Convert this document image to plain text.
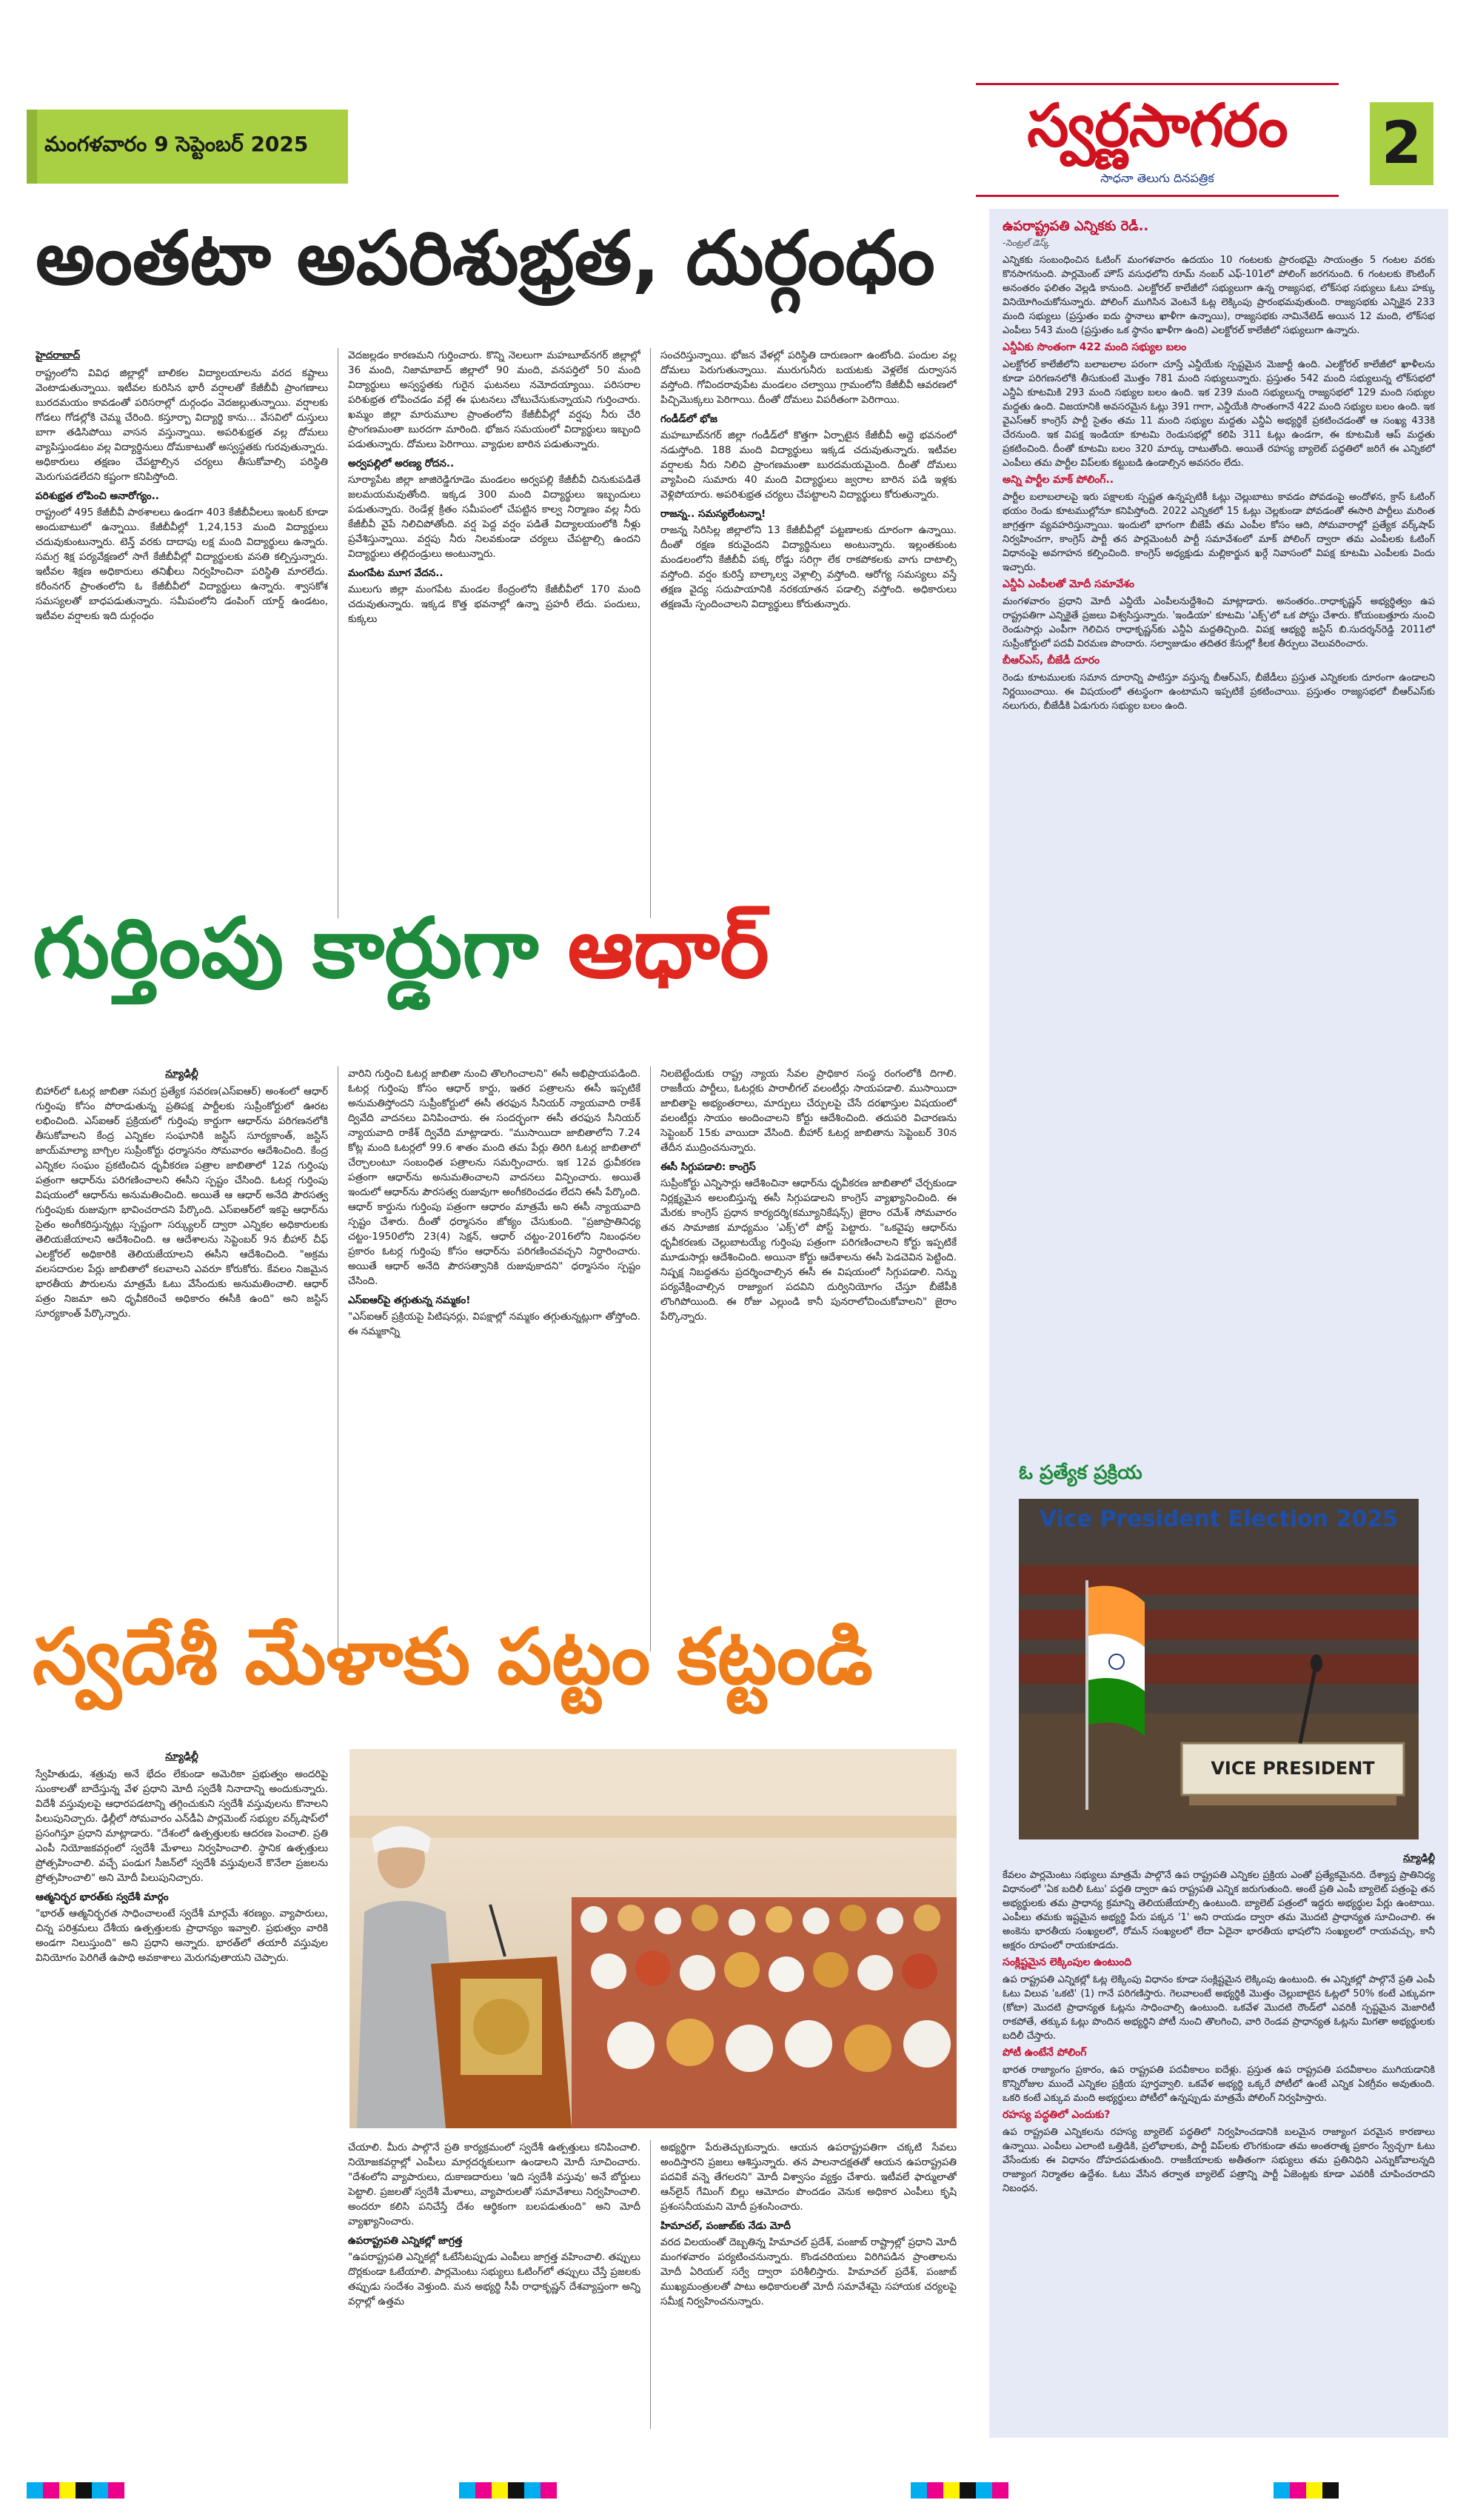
మంగళవారం 9 సెప్టెంబర్ 2025	స్వర్ణసాగరం
సాధనా తెలుగు దినపత్రిక
2
అంతటా అపరిశుభ్రత, దుర్గంధం

హైదరాబాద్

రాష్ట్రంలోని వివిధ జిల్లాల్లో బాలికల విద్యాలయాలను వరద కష్టాలు వెంటాడుతున్నాయి. ఇటీవల కురిసిన భారీ వర్షాలతో కేజీబీవీ ప్రాంగణాలు బురదమయం కావడంతో పరిసరాల్లో దుర్గంధం వెదజల్లుతున్నాయి. వర్షాలకు గోడలు గోడల్లోకి చెమ్మ చేరింది. కస్తూర్బా విద్యార్థి కాను... వేసవిలో దుస్తులు బాగా తడిసిపోయి వాసన వస్తున్నాయి. అపరిశుభ్రత వల్ల దోమలు వ్యాపిస్తుండటం వల్ల విద్యార్థినులు దోమకాటుతో అస్వస్థతకు గురవుతున్నారు. అధికారులు తక్షణం చేపట్టాల్సిన చర్యలు తీసుకోవాల్సి పరిస్థితి మెరుగుపడలేదని కష్టంగా కనిపిస్తోంది.

పరిశుభ్రత లోపించి అనారోగ్యం..

రాష్ట్రంలో 495 కేజీబీవీ పాఠశాలలు ఉండగా 403 కేజీబీవీలలు ఇంటర్ కూడా అందుబాటులో ఉన్నాయి. కేజీబీవీల్లో 1,24,153 మంది విద్యార్థులు చదువుకుంటున్నారు. టెన్త్ వరకు దాదాపు లక్ష మంది విద్యార్థులు ఉన్నారు. సమగ్ర శిక్ష పర్యవేక్షణలో సాగే కేజీబీవీల్లో విద్యార్థులకు వసతి కల్పిస్తున్నారు. ఇటీవల శిక్షణ అధికారులు తనిఖీలు నిర్వహించినా పరిస్థితి మారలేదు. కరీంనగర్ ప్రాంతంలోని ఓ కేజీబీవీలో విద్యార్థులు ఉన్నారు. శ్వాసకోశ సమస్యలతో బాధపడుతున్నారు. సమీపంలోని డంపింగ్ యార్డ్ ఉండటం, ఇటీవల వర్షాలకు ఇది దుర్గంధం

వెదజల్లడం కారణమని గుర్తించారు. కొన్ని నెలలుగా మహబూబ్‌నగర్ జిల్లాల్లో 36 మంది, నిజామాబాద్ జిల్లాలో 90 మంది, వనపర్తిలో 50 మంది విద్యార్థులు అస్వస్థతకు గురైన ఘటనలు నమోదయ్యాయి. పరిసరాల పరిశుభ్రత లోపించడం వల్లే ఈ ఘటనలు చోటుచేసుకున్నాయని గుర్తించారు. ఖమ్మం జిల్లా మారుమూల ప్రాంతంలోని కేజీబీవీల్లో వర్షపు నీరు చేరి ప్రాంగణమంతా బురదగా మారింది. భోజన సమయంలో విద్యార్థులు ఇబ్బంది పడుతున్నారు. దోమలు పెరిగాయి. వ్యాధుల బారిన పడుతున్నారు.

అర్వపల్లిలో అరణ్య రోదన..

సూర్యాపేట జిల్లా జాజిరెడ్డిగూడెం మండలం అర్వపల్లి కేజీబీవీ చినుకుపడితే జలమయమవుతోంది. ఇక్కడ 300 మంది విద్యార్థులు ఇబ్బందులు పడుతున్నారు. రెండేళ్ల క్రితం సమీపంలో చేపట్టిన కాల్వ నిర్మాణం వల్ల నీరు కేజీబీవీ వైపే నిలిచిపోతోంది. వర్ష పెద్ద వర్షం పడితే విద్యాలయంలోకి నీళ్లు ప్రవేశిస్తున్నాయి. వర్షపు నీరు నిలవకుండా చర్యలు చేపట్టాల్సి ఉందని విద్యార్థులు తల్లిదండ్రులు అంటున్నారు.

మంగపేట మూగ వేదన..

ములుగు జిల్లా మంగపేట మండల కేంద్రంలోని కేజీబీవీలో 170 మంది చదువుతున్నారు. ఇక్కడ కొత్త భవనాల్లో ఉన్నా ప్రహరీ లేదు. పందులు, కుక్కలు

సంచరిస్తున్నాయి. భోజన వేళల్లో పరిస్థితి దారుణంగా ఉంటోంది. పందుల వల్ల దోమలు పెరుగుతున్నాయి. మురుగునీరు బయటకు వెళ్లలేక దుర్వాసన వస్తోంది. గోవిందరావుపేట మండలం చల్వాయి గ్రామంలోని కేజీబీవీ ఆవరణలో పిచ్చిమొక్కలు పెరిగాయి. దీంతో దోమలు విపరీతంగా పెరిగాయి.

గండీడ్‌లో భోజ

మహబూబ్‌నగర్ జిల్లా గండీడ్‌లో కొత్తగా ఏర్పాటైన కేజీబీవీ అద్దె భవనంలో నడుస్తోంది. 188 మంది విద్యార్థులు ఇక్కడ చదువుతున్నారు. ఇటీవల వర్షాలకు నీరు నిలిచి ప్రాంగణమంతా బురదమయమైంది. దీంతో దోమలు వ్యాపించి సుమారు 40 మంది విద్యార్థులు జ్వరాల బారిన పడి ఇళ్లకు వెళ్లిపోయారు. అపరిశుభ్రత చర్యలు చేపట్టాలని విద్యార్థులు కోరుతున్నారు.

రాజన్న.. సమస్యలేంటన్నా!

రాజన్న సిరిసిల్ల జిల్లాలోని 13 కేజీబీవీల్లో పట్టణాలకు దూరంగా ఉన్నాయి. దీంతో రక్షణ కరువైందని విద్యార్థినులు అంటున్నారు. ఇల్లంతకుంట మండలంలోని కేజీబీవీ పక్క రోడ్డు సరిగ్గా లేక రాకపోకలకు వాగు దాటాల్సి వస్తోంది. వర్షం కురిస్తే బాల్కాల్వ వెళ్లాల్సి వస్తోంది. ఆరోగ్య సమస్యలు వస్తే తక్షణ వైద్య సదుపాయానికి నరకయాతన పడాల్సి వస్తోంది. అధికారులు తక్షణమే స్పందించాలని విద్యార్థులు కోరుతున్నారు.

గుర్తింపు కార్డుగా ఆధార్

న్యూఢిల్లీ

బిహార్‌లో ఓటర్ల జాబితా సమగ్ర ప్రత్యేక సవరణ(ఎస్‌ఐఆర్) అంశంలో ఆధార్ గుర్తింపు కోసం పోరాడుతున్న ప్రతిపక్ష పార్టీలకు సుప్రీంకోర్టులో ఊరట లభించింది. ఎస్‌ఐఆర్ ప్రక్రియలో గుర్తింపు కార్డుగా ఆధార్‌ను పరిగణనలోకి తీసుకోవాలని కేంద్ర ఎన్నికల సంఘానికి జస్టిస్ సూర్యకాంత్, జస్టిస్ జాయ్‌మాల్యా బాగ్చిల సుప్రీంకోర్టు ధర్మాసనం సోమవారం ఆదేశించింది. కేంద్ర ఎన్నికల సంఘం ప్రకటించిన ధృవీకరణ పత్రాల జాబితాలో 12వ గుర్తింపు పత్రంగా ఆధార్‌ను పరిగణించాలని ఈసీని స్పష్టం చేసింది. ఓటర్ల గుర్తింపు విషయంలో ఆధార్‌ను అనుమతించింది. అయితే ఆ ఆధార్ అనేది పౌరసత్వ గుర్తింపుకు రుజువుగా భావించరాదని పేర్కొంది. ఎస్‌ఐఆర్‌లో ఇకపై ఆధార్‌ను సైతం అంగీకరిస్తున్నట్లు స్పష్టంగా సర్క్యులర్ ద్వారా ఎన్నికల అధికారులకు తెలియజేయాలని ఆదేశించింది. ఆ ఆదేశాలను సెప్టెంబర్ 9న బీహార్ చీఫ్ ఎలక్టోరల్ అధికారికి తెలియజేయాలని ఈసీని ఆదేశించింది. "అక్రమ వలసదారుల పేర్లు జాబితాలో కలవాలని ఎవరూ కోరుకోరు. కేవలం నిజమైన భారతీయ పౌరులను మాత్రమే ఓటు వేసేందుకు అనుమతించాలి. ఆధార్ పత్రం నిజమా అని ధృవీకరించే అధికారం ఈసీకి ఉంది" అని జస్టిస్ సూర్యకాంత్ పేర్కొన్నారు.

వారిని గుర్తించి ఓటర్ల జాబితా నుంచి తొలగించాలని" ఈసీ అభిప్రాయపడింది. ఓటర్ల గుర్తింపు కోసం ఆధార్ కార్డు, ఇతర పత్రాలను ఈసీ ఇప్పటికే అనుమతిస్తోందని సుప్రీంకోర్టులో ఈసీ తరఫున సీనియర్ న్యాయవాది రాకేశ్ ద్వివేది వాదనలు వినిపించారు. ఈ సందర్భంగా ఈసీ తరఫున సీనియర్ న్యాయవాది రాకేశ్ ద్వివేది మాట్లాడారు. "ముసాయిదా జాబితాలోని 7.24 కోట్ల మంది ఓటర్లలో 99.6 శాతం మంది తమ పేర్లు తిరిగి ఓటర్ల జాబితాలో చేర్చాలంటూ సంబంధిత పత్రాలను సమర్పించారు. ఇక 12వ ధ్రువీకరణ పత్రంగా ఆధార్‌ను అనుమతించాలని వాదనలు విన్పించారు. అయితే ఇందులో ఆధార్‌ను పౌరసత్వ రుజువుగా అంగీకరించడం లేదని ఈసీ పేర్కొంది. ఆధార్ కార్డును గుర్తింపు పత్రంగా ఆధారం మాత్రమే అని ఈసీ న్యాయవాది స్పష్టం చేశారు. దీంతో ధర్మాసనం జోక్యం చేసుకుంది. "ప్రజాప్రాతినిధ్య చట్టం-1950లోని 23(4) సెక్షన్, ఆధార్ చట్టం-2016లోని నిబంధనల ప్రకారం ఓటర్ల గుర్తింపు కోసం ఆధార్‌ను పరిగణించవచ్చని నిర్ధారించారు. అయితే ఆధార్ అనేది పౌరసత్వానికి రుజువుకాదని" ధర్మాసనం స్పష్టం చేసింది.

ఎస్‌ఐఆర్‌పై తగ్గుతున్న నమ్మకం!

"ఎస్‌ఐఆర్ ప్రక్రియపై పిటిషనర్లు, విపక్షాల్లో నమ్మకం తగ్గుతున్నట్లుగా తోస్తోంది. ఈ నమ్మకాన్ని

నిలబెట్టేందుకు రాష్ట్ర న్యాయ సేవల ప్రాధికార సంస్థ రంగంలోకి దిగాలి. రాజకీయ పార్టీలు, ఓటర్లకు పారాలీగల్ వలంటీర్లు సాయపడాలి. ముసాయిదా జాబితాపై అభ్యంతరాలు, మార్పులు చేర్పులపై చేసే దరఖాస్తుల విషయంలో వలంటీర్లు సాయం అందించాలని కోర్టు ఆదేశించింది. తదుపరి విచారణను సెప్టెంబర్ 15కు వాయిదా వేసింది. బీహార్ ఓటర్ల జాబితాను సెప్టెంబర్ 30న తేదీన ముద్రించనున్నారు.

ఈసీ సిగ్గుపడాలి: కాంగ్రెస్

సుప్రీంకోర్టు ఎన్నిసార్లు ఆదేశించినా ఆధార్‌ను ధృవీకరణ జాబితాలో చేర్చకుండా నిర్లక్ష్యమైన అలంబిస్తున్న ఈసీ సిగ్గుపడాలని కాంగ్రెస్ వ్యాఖ్యానించింది. ఈ మేరకు కాంగ్రెస్ ప్రధాన కార్యదర్శి(కమ్యూనికేషన్స్) జైరాం రమేశ్ సోమవారం తన సామాజిక మాధ్యమం 'ఎక్స్‌'లో పోస్ట్ పెట్టారు. "ఒకవైపు ఆధార్‌ను ధృవీకరణకు చెల్లుబాటయ్యే గుర్తింపు పత్రంగా పరిగణించాలని కోర్టు ఇప్పటికే మూడుసార్లు ఆదేశించింది. అయినా కోర్టు ఆదేశాలను ఈసీ పెడచెవిన పెట్టింది. నిష్పక్ష నిబద్ధతను ప్రదర్శించాల్సిన ఈసీ ఈ విషయంలో సిగ్గుపడాలి. నిన్ను పర్యవేక్షించాల్సిన రాజ్యాంగ పదవిని దుర్వినియోగం చేస్తూ బీజేపీకి లొంగిపోయింది. ఈ రోజు ఎల్లుండి కానీ పునరాలోచించుకోవాలని" జైరాం పేర్కొన్నారు.

స్వదేశీ మేళాకు పట్టం కట్టండి

న్యూఢిల్లీ

స్వేహితుడు, శత్రువు అనే భేదం లేకుండా అమెరికా ప్రభుత్వం అందరిపై సుంకాలతో బాదేస్తున్న వేళ ప్రధాని మోదీ స్వదేశీ నినాదాన్ని అందుకున్నారు. విదేశీ వస్తువులపై ఆధారపడటాన్ని తగ్గించుకుని స్వదేశీ వస్తువులను కొనాలని పిలుపునిచ్చారు. ఢిల్లీలో సోమవారం ఎన్‌డీఏ పార్లమెంట్ సభ్యుల వర్క్‌షాప్‌లో ప్రసంగిస్తూ ప్రధాని మాట్లాడారు. "దేశంలో ఉత్పత్తులకు ఆదరణ పెంచాలి. ప్రతి ఎంపీ నియోజకవర్గంలో స్వదేశీ మేళాలు నిర్వహించాలి. స్థానిక ఉత్పత్తులు ప్రోత్సహించాలి. వచ్చే పండుగ సీజన్‌లో స్వదేశీ వస్తువులనే కొనేలా ప్రజలను ప్రోత్సహించాలి" అని మోదీ పిలుపునిచ్చారు.

ఆత్మనిర్భర భారత్‌కు స్వదేశీ మార్గం

"భారత్ ఆత్మనిర్భరత సాధించాలంటే స్వదేశీ మార్గమే శరణ్యం. వ్యాపారులు, చిన్న పరిశ్రమలు దేశీయ ఉత్పత్తులకు ప్రాధాన్యం ఇవ్వాలి. ప్రభుత్వం వారికి అండగా నిలుస్తుంది" అని ప్రధాని అన్నారు. భారత్‌లో తయారీ వస్తువుల వినియోగం పెరిగితే ఉపాధి అవకాశాలు మెరుగవుతాయని చెప్పారు.

చేయాలి. మీరు పాల్గొనే ప్రతి కార్యక్రమంలో స్వదేశీ ఉత్పత్తులు కనిపించాలి. నియోజకవర్గాల్లో ఎంపీలు మార్గదర్శకులుగా ఉండాలని మోదీ సూచించారు. "దేశంలోని వ్యాపారులు, దుకాణదారులు 'ఇది స్వదేశీ వస్తువు' అనే బోర్డులు పెట్టాలి. ప్రజలతో స్వదేశీ మేళాలు, వ్యాపారులతో సమావేశాలు నిర్వహించాలి. అందరూ కలిసి పనిచేస్తే దేశం ఆర్థికంగా బలపడుతుంది" అని మోదీ వ్యాఖ్యానించారు.

ఉపరాష్ట్రపతి ఎన్నికల్లో జాగ్రత్త

"ఉపరాష్ట్రపతి ఎన్నికల్లో ఓటేసేటప్పుడు ఎంపీలు జాగ్రత్త వహించాలి. తప్పులు దొర్లకుండా ఓటేయాలి. పార్లమెంటు సభ్యులు ఓటింగ్‌లో తప్పులు చేస్తే ప్రజలకు తప్పుడు సందేశం వెళ్తుంది. మన అభ్యర్థి సీపీ రాధాకృష్ణన్ దేశవ్యాప్తంగా అన్ని వర్గాల్లో ఉత్తమ

అభ్యర్థిగా పేరుతెచ్చుకున్నారు. ఆయన ఉపరాష్ట్రపతిగా చక్కటి సేవలు అందిస్తారని ప్రజలు ఆశిస్తున్నారు. తన పాలనాదక్షతతో ఆయన ఉపరాష్ట్రపతి పదవికే వన్నె తేగలరని" మోదీ విశ్వాసం వ్యక్తం చేశారు. ఇటీవలే ఫార్ములాతో ఆన్‌లైన్ గేమింగ్ బిల్లు ఆమోదం పొందడం వెనుక అధికార ఎంపీలు కృషి ప్రశంసనీయమని మోదీ ప్రశంసించారు.

హిమాచల్, పంజాబ్‌కు నేడు మోదీ

వరద విలయంతో దెబ్బతిన్న హిమాచల్ ప్రదేశ్, పంజాబ్ రాష్ట్రాల్లో ప్రధాని మోదీ మంగళవారం పర్యటించనున్నారు. కొండచరియలు విరిగిపడిన ప్రాంతాలను మోదీ ఏరియల్ సర్వే ద్వారా పరిశీలిస్తారు. హిమాచల్ ప్రదేశ్, పంజాబ్ ముఖ్యమంత్రులతో పాటు అధికారులతో మోదీ సమావేశమై సహాయక చర్యలపై సమీక్ష నిర్వహించనున్నారు.

ఉపరాష్ట్రపతి ఎన్నికకు రెడీ..

-సెంట్రల్ డెస్క్

ఎన్నికకు సంబంధించిన ఓటింగ్ మంగళవారం ఉదయం 10 గంటలకు ప్రారంభమై సాయంత్రం 5 గంటల వరకు కొనసాగనుంది. పార్లమెంట్ హౌస్ వసుధలోని రూమ్ నంబర్ ఎఫ్-101లో పోలింగ్ జరగనుంది. 6 గంటలకు కౌంటింగ్ అనంతరం ఫలితం వెల్లడి కానుంది. ఎలక్టోరల్ కాలేజీలో సభ్యులుగా ఉన్న రాజ్యసభ, లోక్‌సభ సభ్యులు ఓటు హక్కు వినియోగించుకోనున్నారు. పోలింగ్ ముగిసిన వెంటనే ఓట్ల లెక్కింపు ప్రారంభమవుతుంది. రాజ్యసభకు ఎన్నికైన 233 మంది సభ్యులు (ప్రస్తుతం ఐదు స్థానాలు ఖాళీగా ఉన్నాయి), రాజ్యసభకు నామినేటెడ్ అయిన 12 మంది, లోక్‌సభ ఎంపీలు 543 మంది (ప్రస్తుతం ఒక స్థానం ఖాళీగా ఉంది) ఎలక్టోరల్ కాలేజీలో సభ్యులుగా ఉన్నారు.

ఎన్డీఏకు సొంతంగా 422 మంది సభ్యుల బలం

ఎలక్టోరల్ కాలేజీలోని బలాబలాల పరంగా చూస్తే ఎన్డీయేకు స్పష్టమైన మెజార్టీ ఉంది. ఎలక్టోరల్ కాలేజీలో ఖాళీలను కూడా పరిగణనలోకి తీసుకుంటే మొత్తం 781 మంది సభ్యులున్నారు. ప్రస్తుతం 542 మంది సభ్యులున్న లోక్‌సభలో ఎన్డీఏ కూటమికి 293 మంది సభ్యుల బలం ఉంది. ఇక 239 మంది సభ్యులున్న రాజ్యసభలో 129 మంది సభ్యుల మద్దతు ఉంది. విజయానికి అవసరమైన ఓట్లు 391 గాగా, ఎన్డీయేకి సొంతంగానే 422 మంది సభ్యుల బలం ఉంది. ఇక వైఎస్ఆర్ కాంగ్రెస్ పార్టీ సైతం తమ 11 మంది సభ్యుల మద్దతు ఎన్డీఏ అభ్యర్థికే ప్రకటించడంతో ఆ సంఖ్య 433కి చేరనుంది. ఇక విపక్ష ఇండియా కూటమి రెండుసభల్లో కలిపి 311 ఓట్లు ఉండగా, ఈ కూటమికి ఆప్ మద్దతు ప్రకటించింది. దీంతో కూటమి బలం 320 మార్కు దాటుతోంది. అయితే రహస్య బ్యాలెట్ పద్ధతిలో జరిగే ఈ ఎన్నికలో ఎంపీలు తమ పార్టీల విప్‌లకు కట్టుబడి ఉండాల్సిన అవసరం లేదు.

అన్ని పార్టీల మాక్ పోలింగ్..

పార్టీల బలాబలాలపై ఇరు పక్షాలకు స్పష్టత ఉన్నప్పటికీ ఓట్లు చెల్లుబాటు కావడం పోవడంపై అందోళన, క్రాస్ ఓటింగ్ భయం రెండు కూటముల్లోనూ కనిపిస్తోంది. 2022 ఎన్నికలో 15 ఓట్లు చెల్లకుండా పోవడంతో ఈసారి పార్టీలు మరింత జాగ్రత్తగా వ్యవహరిస్తున్నాయి. ఇందులో భాగంగా బీజేపీ తమ ఎంపీల కోసం ఆది, సోమవారాల్లో ప్రత్యేక వర్క్‌షాప్ నిర్వహించగా, కాంగ్రెస్ పార్టీ తన పార్లమెంటరీ పార్టీ సమావేశంలో మాక్ పోలింగ్ ద్వారా తమ ఎంపీలకు ఓటింగ్ విధానంపై అవగాహన కల్పించింది. కాంగ్రెస్ అధ్యక్షుడు మల్లికార్జున ఖర్గే నివాసంలో విపక్ష కూటమి ఎంపీలకు విందు ఇచ్చారు.

ఎన్డీఏ ఎంపీలతో మోదీ సమావేశం

మంగళవారం ప్రధాని మోదీ ఎన్డీయే ఎంపీలనుద్దేశించి మాట్లాడారు. అనంతరం..రాధాకృష్ణన్ అభ్యర్థిత్వం ఉప రాష్ట్రపతిగా ఎన్నికైతే ప్రజలు విశ్వసిస్తున్నారు. 'ఇండియా' కూటమి 'ఎక్స్'లో ఒక పోస్టు చేశారు. కోయంబత్తూరు నుంచి రెండుసార్లు ఎంపీగా గెలిచిన రాధాకృష్ణన్‌కు ఎన్డీఏ మద్దతిచ్చింది. విపక్ష ఆభ్యర్థి జస్టిస్ బి.సుదర్శన్‌రెడ్డి 2011లో సుప్రీంకోర్టులో పదవీ విరమణ పొందారు. సల్వాజుడుం తదితర కేసుల్లో కీలక తీర్పులు వెలువరించారు.

బీఆర్ఎస్, బీజేడీ దూరం

రెండు కూటములకు సమాన దూరాన్ని పాటిస్తూ వస్తున్న బీఆర్ఎస్, బీజేడీలు ప్రస్తుత ఎన్నికలకు దూరంగా ఉండాలని నిర్ణయించాయి. ఈ విషయంలో తటస్థంగా ఉంటామని ఇప్పటికే ప్రకటించాయి. ప్రస్తుతం రాజ్యసభలో బీఆర్ఎస్‌కు నలుగురు, బీజేడీకి ఏడుగురు సభ్యుల బలం ఉంది.

ఓ ప్రత్యేక ప్రక్రియ
Vice President Election 2025
VICE PRESIDENT

న్యూఢిల్లీ

కేవలం పార్లమెంటు సభ్యులు మాత్రమే పాల్గొనే ఉప రాష్ట్రపతి ఎన్నికల ప్రక్రియ ఎంతో ప్రత్యేకమైనది. దేశ్యాప్త ప్రాతినిధ్య విధానంలో 'ఏక బదిలీ ఓటు' పద్ధతి ద్వారా ఉప రాష్ట్రపతి ఎన్నిక జరుగుతుంది. అంటే ప్రతి ఎంపీ బ్యాలెట్ పత్రంపై తన అభ్యర్థులకు తమ ప్రాధాన్య క్రమాన్ని తెలియజేయాల్సి ఉంటుంది. బ్యాలెట్ పత్రంలో ఇద్దరు అభ్యర్థుల పేర్లు ఉంటాయి. ఎంపీలు తమకు ఇష్టమైన అభ్యర్థి పేరు పక్కన '1' అని రాయడం ద్వారా తమ మొదటి ప్రాధాన్యత సూచించాలి. ఈ అంకెను భారతీయ సంఖ్యలలో, రోమన్ సంఖ్యలలో లేదా ఏదైనా భారతీయ భాషలోని సంఖ్యలలో రాయవచ్చు, కానీ అక్షరం రూపంలో రాయకూడదు.

సంక్లిష్టమైన లెక్కింపుల ఉంటుంది

ఉప రాష్ట్రపతి ఎన్నికల్లో ఓట్ల లెక్కింపు విధానం కూడా సంక్లిష్టమైన లెక్కింపు ఉంటుంది. ఈ ఎన్నికల్లో పాల్గొనే ప్రతి ఎంపీ ఓటు విలువ 'ఒకటి' (1) గానే పరిగణిస్తారు. గెలవాలంటే అభ్యర్థికి మొత్తం చెల్లుబాటైన ఓట్లలో 50% కంటే ఎక్కువగా (కోటా) మొదటి ప్రాధాన్యత ఓట్లను సాధించాల్సి ఉంటుంది. ఒకవేళ మొదటి రౌండ్‌లో ఎవరికీ స్పష్టమైన మెజారిటీ రాకపోతే, తక్కువ ఓట్లు పొందిన అభ్యర్థిని పోటీ నుంచి తొలగించి, వారి రెండవ ప్రాధాన్యత ఓట్లను మిగతా అభ్యర్థులకు బదిలీ చేస్తారు.

పోటీ ఉంటేనే పోలింగ్

భారత రాజ్యాంగం ప్రకారం, ఉప రాష్ట్రపతి పదవీకాలం ఐదేళ్లు. ప్రస్తుత ఉప రాష్ట్రపతి పదవీకాలం ముగియడానికి కొన్నిరోజుల ముందే ఎన్నికల ప్రక్రియ పూర్తవ్వాలి. ఒకవేళ అభ్యర్థి ఒక్కరే పోటీలో ఉంటే ఎన్నిక ఏకగ్రీవం అవుతుంది. ఒకరి కంటే ఎక్కువ మంది అభ్యర్థులు పోటీలో ఉన్నప్పుడు మాత్రమే పోలింగ్ నిర్వహిస్తారు.

రహస్య పద్ధతిలో ఎందుకు?

ఉప రాష్ట్రపతి ఎన్నికలను రహస్య బ్యాలెట్ పద్ధతిలో నిర్వహించడానికి బలమైన రాజ్యాంగ పరమైన కారణాలు ఉన్నాయి. ఎంపీలు ఎలాంటి ఒత్తిడికి, ప్రలోభాలకు, పార్టీ విప్‌లకు లొంగకుండా తమ అంతరాత్మ ప్రకారం స్వేచ్ఛగా ఓటు వేసేందుకు ఈ విధానం దోహదపడుతుంది. రాజకీయాలకు అతీతంగా సభ్యులు తమ ప్రతినిధిని ఎన్నుకోవాలన్నది రాజ్యాంగ నిర్మాతల ఉద్దేశం. ఓటు వేసిన తర్వాత బ్యాలెట్ పత్రాన్ని పార్టీ ఏజెంట్లకు కూడా ఎవరికీ చూపించరాదని నిబంధన.
